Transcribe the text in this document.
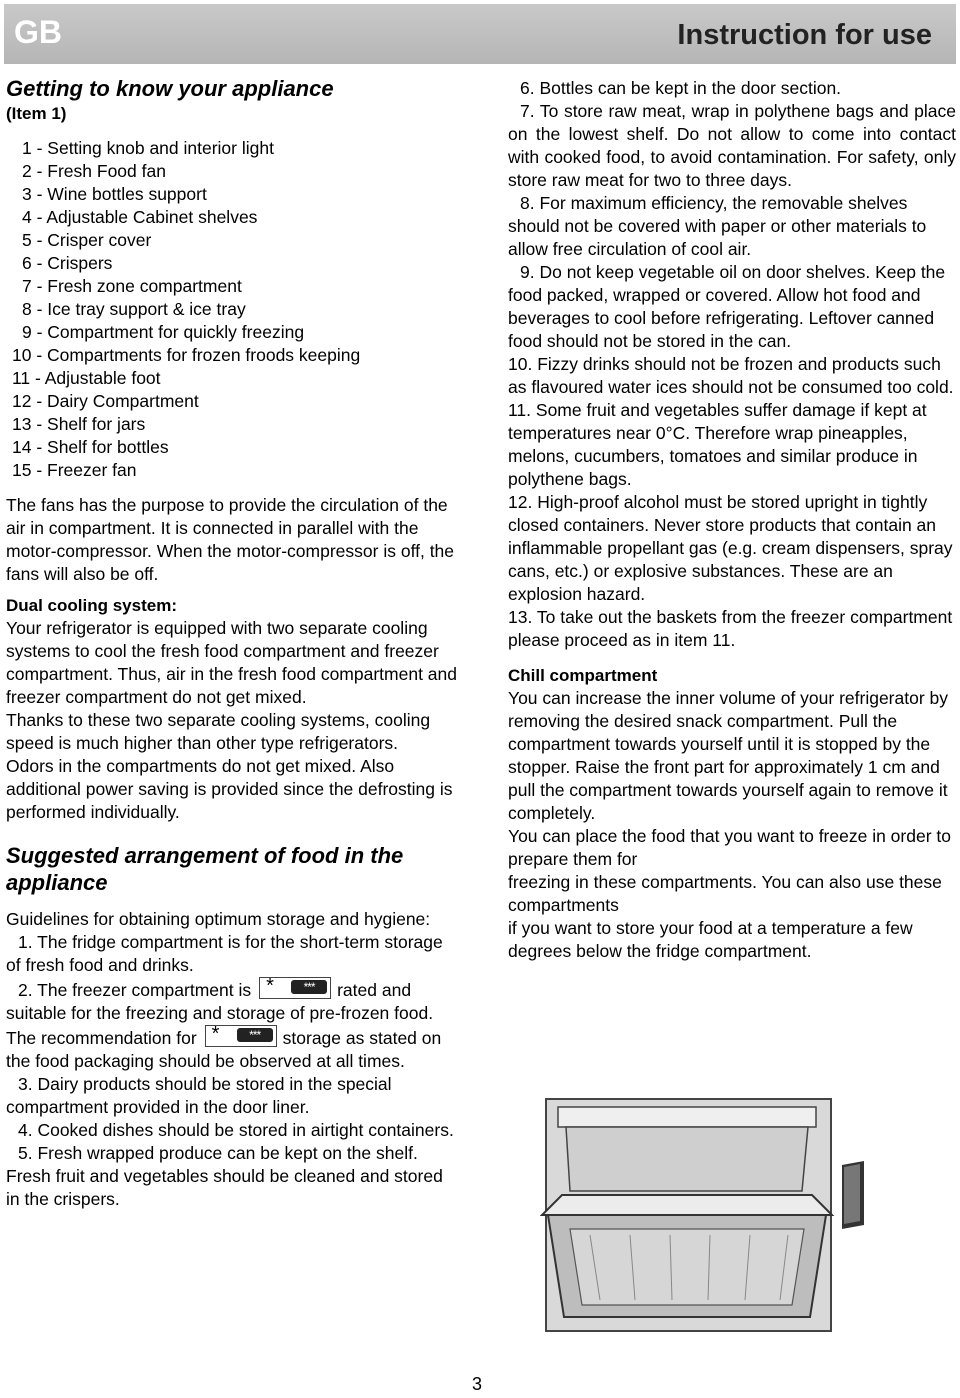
GB	Instruction for use
Getting to know your appliance

(Item 1)

1 - Setting knob and interior light
2 - Fresh Food fan
3 - Wine bottles support
4 - Adjustable Cabinet shelves
5 - Crisper cover
6 - Crispers
7 - Fresh zone compartment
8 - Ice tray support & ice tray
9 - Compartment for quickly freezing
10 - Compartments for frozen froods keeping
11 - Adjustable foot
12 - Dairy Compartment
13 - Shelf for jars
14 - Shelf for bottles
15 - Freezer fan

The fans has the purpose to provide the circulation of the air in compartment. It is connected in parallel with the motor-compressor. When the motor-compressor is off, the fans will also be off.

Dual cooling system:

Your refrigerator is equipped with two separate cooling systems to cool the fresh food compartment and freezer compartment. Thus, air in the fresh food compartment and freezer compartment do not get mixed.

Thanks to these two separate cooling systems, cooling speed is much higher than other type refrigerators.

Odors in the compartments do not get mixed. Also additional power saving is provided since the defrosting is performed individually.

Suggested arrangement of food in the appliance

Guidelines for obtaining optimum storage and hygiene:

1. The fridge compartment is for the short-term storage of fresh food and drinks.

2. The freezer compartment is *	***	rated and suitable for the freezing and storage of pre-frozen food.

The recommendation for *	***	storage as stated on the food packaging should be observed at all times.

3. Dairy products should be stored in the special compartment provided in the door liner.

4. Cooked dishes should be stored in airtight containers.

5. Fresh wrapped produce can be kept on the shelf. Fresh fruit and vegetables should be cleaned and stored in the crispers.

6. Bottles can be kept in the door section.

7. To store raw meat, wrap in polythene bags and place on the lowest shelf. Do not allow to come into contact with cooked food, to avoid contamination. For safety, only store raw meat for two to three days.

8. For maximum efficiency, the removable shelves should not be covered with paper or other materials to allow free circulation of cool air.

9. Do not keep vegetable oil on door shelves. Keep the food packed, wrapped or covered. Allow hot food and beverages to cool before refrigerating. Leftover canned food should not be stored in the can.

10. Fizzy drinks should not be frozen and products such as flavoured water ices should not be consumed too cold.

11. Some fruit and vegetables suffer damage if kept at temperatures near 0°C. Therefore wrap pineapples, melons, cucumbers, tomatoes and similar produce in polythene bags.

12. High-proof alcohol must be stored upright in tightly closed containers. Never store products that contain an inflammable propellant gas (e.g. cream dispensers, spray cans, etc.) or explosive substances. These are an explosion hazard.

13. To take out the baskets from the freezer compartment please proceed as in item 11.

Chill compartment

You can increase the inner volume of your refrigerator by removing the desired snack compartment. Pull the compartment towards yourself until it is stopped by the stopper. Raise the front part for approximately 1 cm and pull the compartment towards yourself again to remove it completely.

You can place the food that you want to freeze in order to prepare them for

freezing in these compartments. You can also use these compartments

if you want to store your food at a temperature a few degrees below the fridge compartment.

3
